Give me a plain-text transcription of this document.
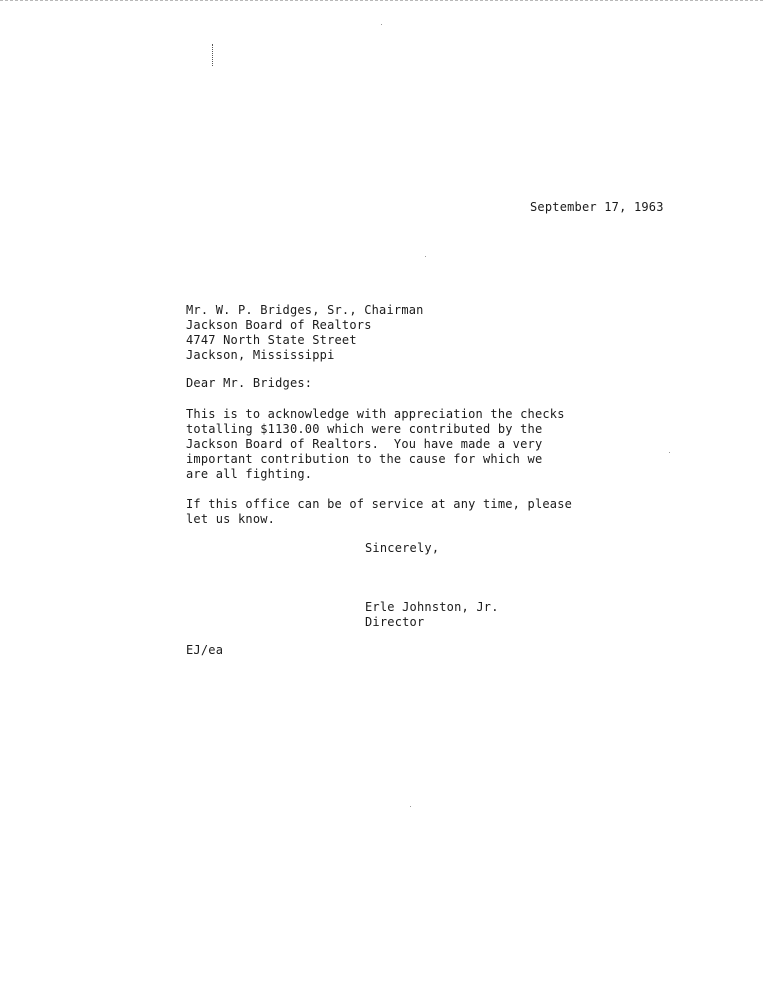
September 17, 1963
Mr. W. P. Bridges, Sr., Chairman
Jackson Board of Realtors
4747 North State Street
Jackson, Mississippi
Dear Mr. Bridges:
This is to acknowledge with appreciation the checks
totalling $1130.00 which were contributed by the
Jackson Board of Realtors.  You have made a very
important contribution to the cause for which we
are all fighting.
If this office can be of service at any time, please
let us know.
Sincerely,
Erle Johnston, Jr.
Director
EJ/ea
